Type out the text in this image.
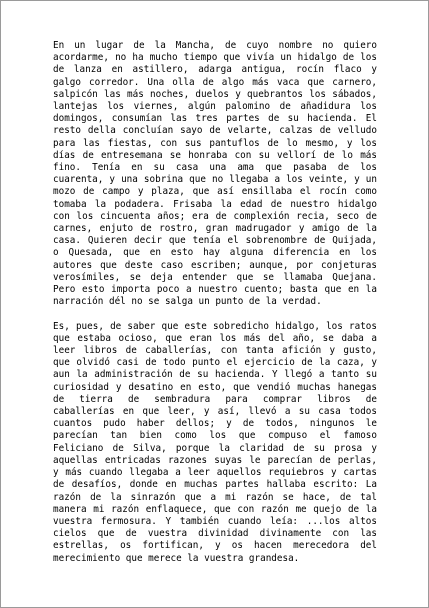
En un lugar de la Mancha, de cuyo nombre no quiero acordarme, no ha mucho tiempo que vivía un hidalgo de los de lanza en astillero, adarga antigua, rocín flaco y galgo corredor. Una olla de algo más vaca que carnero, salpicón las más noches, duelos y quebrantos los sábados, lantejas los viernes, algún palomino de añadidura los domingos, consumían las tres partes de su hacienda. El resto della concluían sayo de velarte, calzas de velludo para las fiestas, con sus pantuflos de lo mesmo, y los días de entresemana se honraba con su vellorí de lo más fino. Tenía en su casa una ama que pasaba de los cuarenta, y una sobrina que no llegaba a los veinte, y un mozo de campo y plaza, que así ensillaba el rocín como tomaba la podadera. Frisaba la edad de nuestro hidalgo con los cincuenta años; era de complexión recia, seco de carnes, enjuto de rostro, gran madrugador y amigo de la casa. Quieren decir que tenía el sobrenombre de Quijada, o Quesada, que en esto hay alguna diferencia en los autores que deste caso escriben; aunque, por conjeturas verosímiles, se deja entender que se llamaba Quejana. Pero esto importa poco a nuestro cuento; basta que en la narración dél no se salga un punto de la verdad.

Es, pues, de saber que este sobredicho hidalgo, los ratos que estaba ocioso, que eran los más del año, se daba a leer libros de caballerías, con tanta afición y gusto, que olvidó casi de todo punto el ejercicio de la caza, y aun la administración de su hacienda. Y llegó a tanto su curiosidad y desatino en esto, que vendió muchas hanegas de tierra de sembradura para comprar libros de caballerías en que leer, y así, llevó a su casa todos cuantos pudo haber dellos; y de todos, ningunos le parecían tan bien como los que compuso el famoso Feliciano de Silva, porque la claridad de su prosa y aquellas entricadas razones suyas le parecían de perlas, y más cuando llegaba a leer aquellos requiebros y cartas de desafíos, donde en muchas partes hallaba escrito: La razón de la sinrazón que a mi razón se hace, de tal manera mi razón enflaquece, que con razón me quejo de la vuestra fermosura. Y también cuando leía: ...los altos cielos que de vuestra divinidad divinamente con las estrellas, os fortifican, y os hacen merecedora del merecimiento que merece la vuestra grandesa.
